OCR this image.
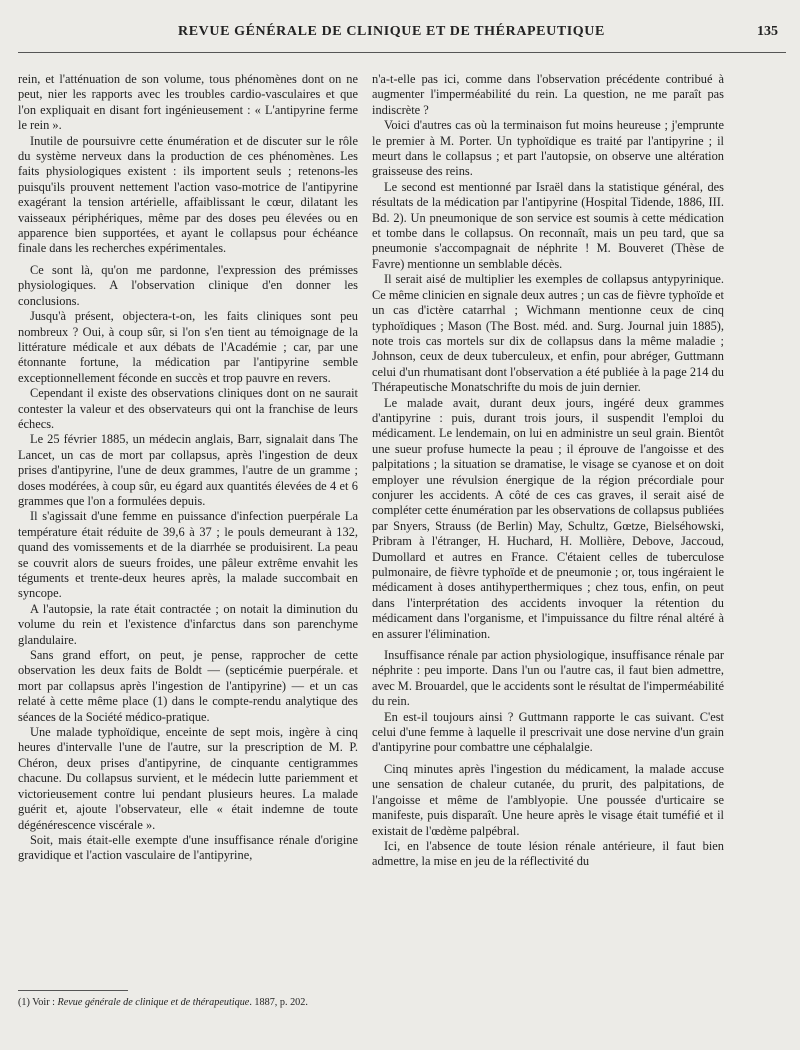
REVUE GÉNÉRALE DE CLINIQUE ET DE THÉRAPEUTIQUE	135

rein, et l'atténuation de son volume, tous phénomènes dont on ne peut, nier les rapports avec les troubles cardio-vasculaires et que l'on expliquait en disant fort ingénieusement : « L'antipyrine ferme le rein ».

Inutile de poursuivre cette énumération et de discuter sur le rôle du système nerveux dans la production de ces phénomènes. Les faits physiologiques existent : ils importent seuls ; retenons-les puisqu'ils prouvent nettement l'action vaso-motrice de l'antipyrine exagérant la tension artérielle, affaiblissant le cœur, dilatant les vaisseaux périphériques, même par des doses peu élevées ou en apparence bien supportées, et ayant le collapsus pour échéance finale dans les recherches expérimentales.

Ce sont là, qu'on me pardonne, l'expression des prémisses physiologiques. A l'observation clinique d'en donner les conclusions.

Jusqu'à présent, objectera-t-on, les faits cliniques sont peu nombreux ? Oui, à coup sûr, si l'on s'en tient au témoignage de la littérature médicale et aux débats de l'Académie ; car, par une étonnante fortune, la médication par l'antipyrine semble exceptionnellement féconde en succès et trop pauvre en revers.

Cependant il existe des observations cliniques dont on ne saurait contester la valeur et des observateurs qui ont la franchise de leurs échecs.

Le 25 février 1885, un médecin anglais, Barr, signalait dans The Lancet, un cas de mort par collapsus, après l'ingestion de deux prises d'antipyrine, l'une de deux grammes, l'autre de un gramme ; doses modérées, à coup sûr, eu égard aux quantités élevées de 4 et 6 grammes que l'on a formulées depuis.

Il s'agissait d'une femme en puissance d'infection puerpérale La température était réduite de 39,6 à 37 ; le pouls demeurant à 132, quand des vomissements et de la diarrhée se produisirent. La peau se couvrit alors de sueurs froides, une pâleur extrême envahit les téguments et trente-deux heures après, la malade succombait en syncope.

A l'autopsie, la rate était contractée ; on notait la diminution du volume du rein et l'existence d'infarctus dans son parenchyme glandulaire.

Sans grand effort, on peut, je pense, rapprocher de cette observation les deux faits de Boldt — (septicémie puerpérale. et mort par collapsus après l'ingestion de l'antipyrine) — et un cas relaté à cette même place (1) dans le compte-rendu analytique des séances de la Société médico-pratique.

Une malade typhoïdique, enceinte de sept mois, ingère à cinq heures d'intervalle l'une de l'autre, sur la prescription de M. P. Chéron, deux prises d'antipyrine, de cinquante centigrammes chacune. Du collapsus survient, et le médecin lutte pariemment et victorieusement contre lui pendant plusieurs heures. La malade guérit et, ajoute l'observateur, elle « était indemne de toute dégénérescence viscérale ».

Soit, mais était-elle exempte d'une insuffisance rénale d'origine gravidique et l'action vasculaire de l'antipyrine,

n'a-t-elle pas ici, comme dans l'observation précédente contribué à augmenter l'imperméabilité du rein. La question, ne me paraît pas indiscrète ?

Voici d'autres cas où la terminaison fut moins heureuse ; j'emprunte le premier à M. Porter. Un typhoïdique es traité par l'antipyrine ; il meurt dans le collapsus ; et part l'autopsie, on observe une altération graisseuse des reins.

Le second est mentionné par Israël dans la statistique général, des résultats de la médication par l'antipyrine (Hospital Tidende, 1886, III. Bd. 2). Un pneumonique de son service est soumis à cette médication et tombe dans le collapsus. On reconnaît, mais un peu tard, que sa pneumonie s'accompagnait de néphrite ! M. Bouveret (Thèse de Favre) mentionne un semblable décès.

Il serait aisé de multiplier les exemples de collapsus antypyrinique. Ce même clinicien en signale deux autres ; un cas de fièvre typhoïde et un cas d'ictère catarrhal ; Wichmann mentionne ceux de cinq typhoïdiques ; Mason (The Bost. méd. and. Surg. Journal juin 1885), note trois cas mortels sur dix de collapsus dans la même maladie ; Johnson, ceux de deux tuberculeux, et enfin, pour abréger, Guttmann celui d'un rhumatisant dont l'observation a été publiée à la page 214 du Thérapeutische Monatschrifte du mois de juin dernier.

Le malade avait, durant deux jours, ingéré deux grammes d'antipyrine : puis, durant trois jours, il suspendit l'emploi du médicament. Le lendemain, on lui en administre un seul grain. Bientôt une sueur profuse humecte la peau ; il éprouve de l'angoisse et des palpitations ; la situation se dramatise, le visage se cyanose et on doit employer une révulsion énergique de la région précordiale pour conjurer les accidents. A côté de ces cas graves, il serait aisé de compléter cette énumération par les observations de collapsus publiées par Snyers, Strauss (de Berlin) May, Schultz, Gœtze, Bielséhowski, Pribram à l'étranger, H. Huchard, H. Mollière, Debove, Jaccoud, Dumollard et autres en France. C'étaient celles de tuberculose pulmonaire, de fièvre typhoïde et de pneumonie ; or, tous ingéraient le médicament à doses antihyperthermiques ; chez tous, enfin, on peut dans l'interprétation des accidents invoquer la rétention du médicament dans l'organisme, et l'impuissance du filtre rénal altéré à en assurer l'élimination.

Insuffisance rénale par action physiologique, insuffisance rénale par néphrite : peu importe. Dans l'un ou l'autre cas, il faut bien admettre, avec M. Brouardel, que le accidents sont le résultat de l'imperméabilité du rein.

En est-il toujours ainsi ? Guttmann rapporte le cas suivant. C'est celui d'une femme à laquelle il prescrivait une dose nervine d'un grain d'antipyrine pour combattre une céphalalgie.

Cinq minutes après l'ingestion du médicament, la malade accuse une sensation de chaleur cutanée, du prurit, des palpitations, de l'angoisse et même de l'amblyopie. Une poussée d'urticaire se manifeste, puis disparaît. Une heure après le visage était tuméfié et il existait de l'œdème palpébral.

Ici, en l'absence de toute lésion rénale antérieure, il faut bien admettre, la mise en jeu de la réflectivité du

(1) Voir : Revue générale de clinique et de thérapeutique. 1887, p. 202.
